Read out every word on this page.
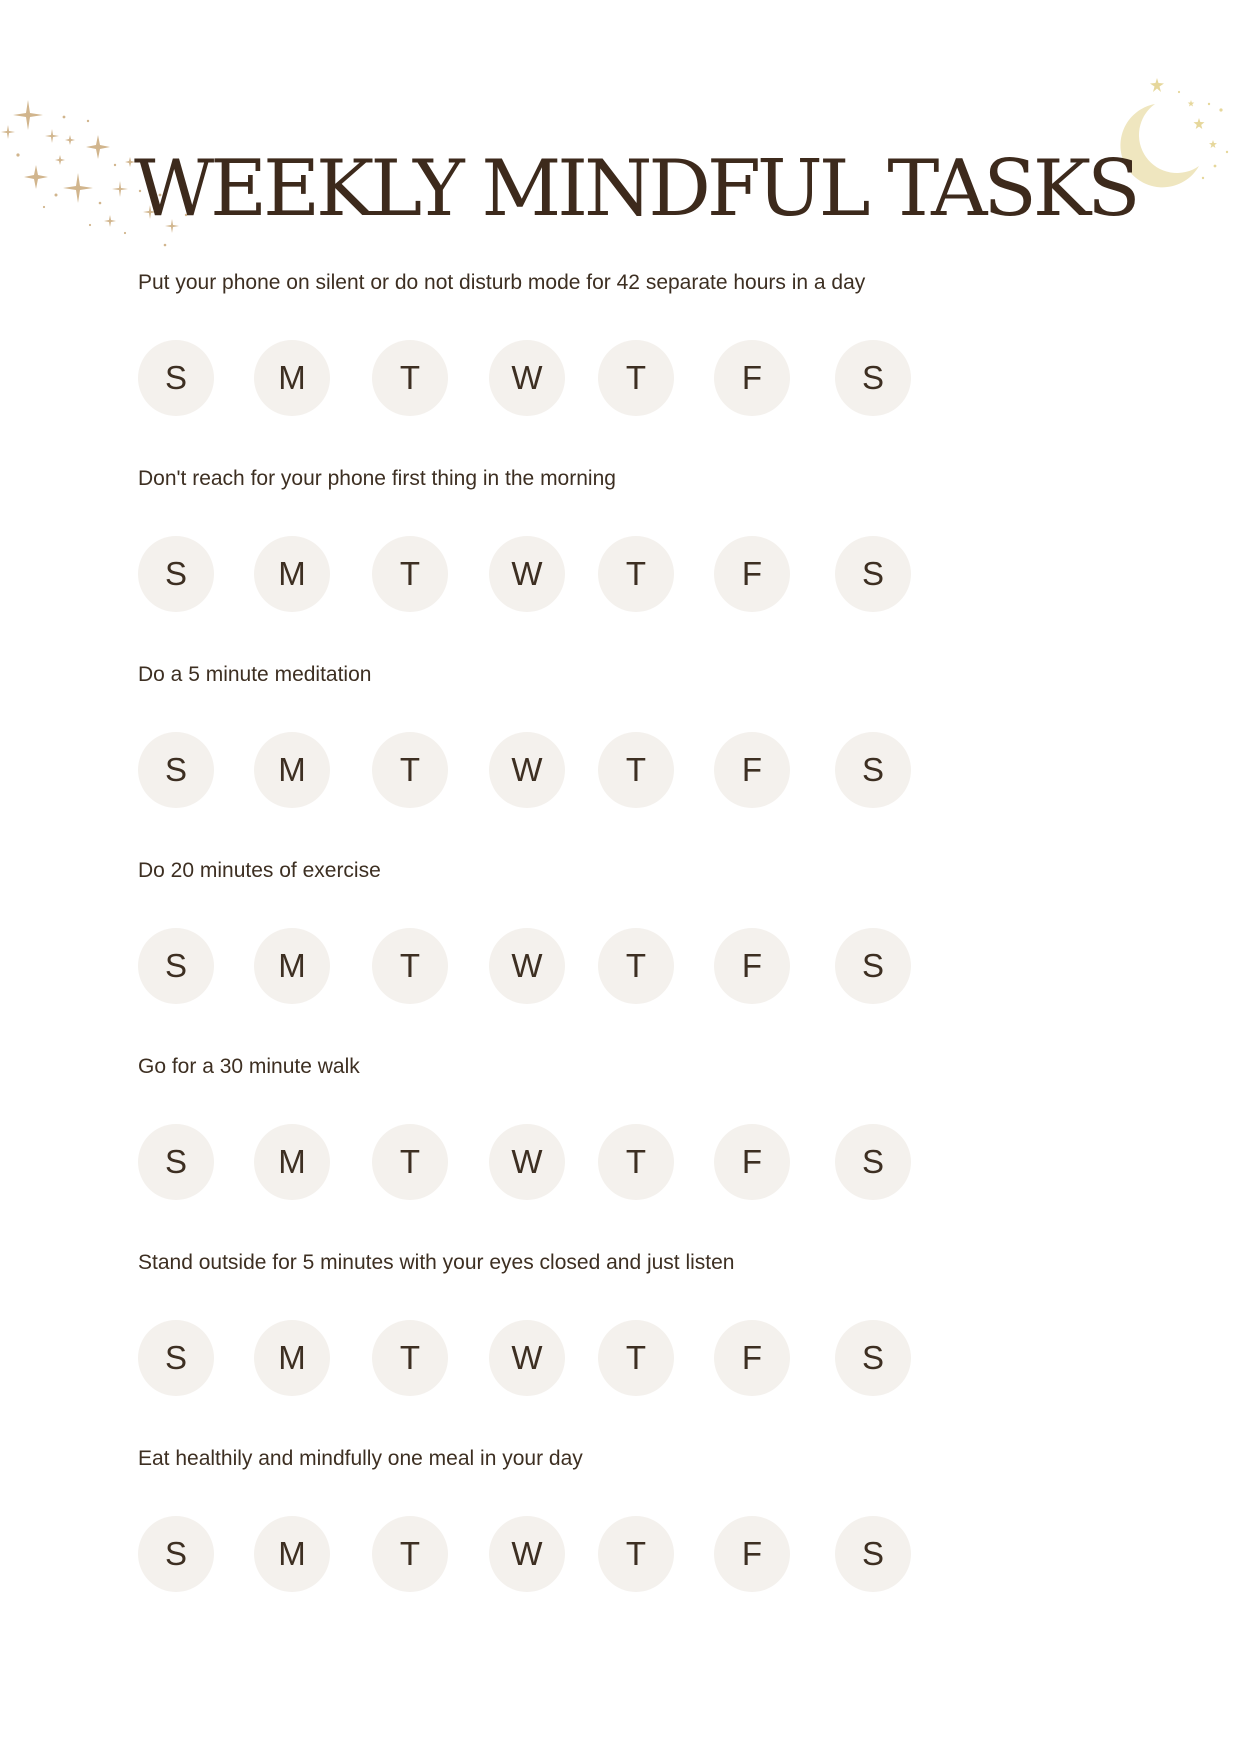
WEEKLY MINDFUL TASKS
Put your phone on silent or do not disturb mode for 42 separate hours in a day
S	M	T	W	T	F	S
Don't reach for your phone first thing in the morning
S	M	T	W	T	F	S
Do a 5 minute meditation
S	M	T	W	T	F	S
Do 20 minutes of exercise
S	M	T	W	T	F	S
Go for a 30 minute walk
S	M	T	W	T	F	S
Stand outside for 5 minutes with your eyes closed and just listen
S	M	T	W	T	F	S
Eat healthily and mindfully one meal in your day
S	M	T	W	T	F	S
